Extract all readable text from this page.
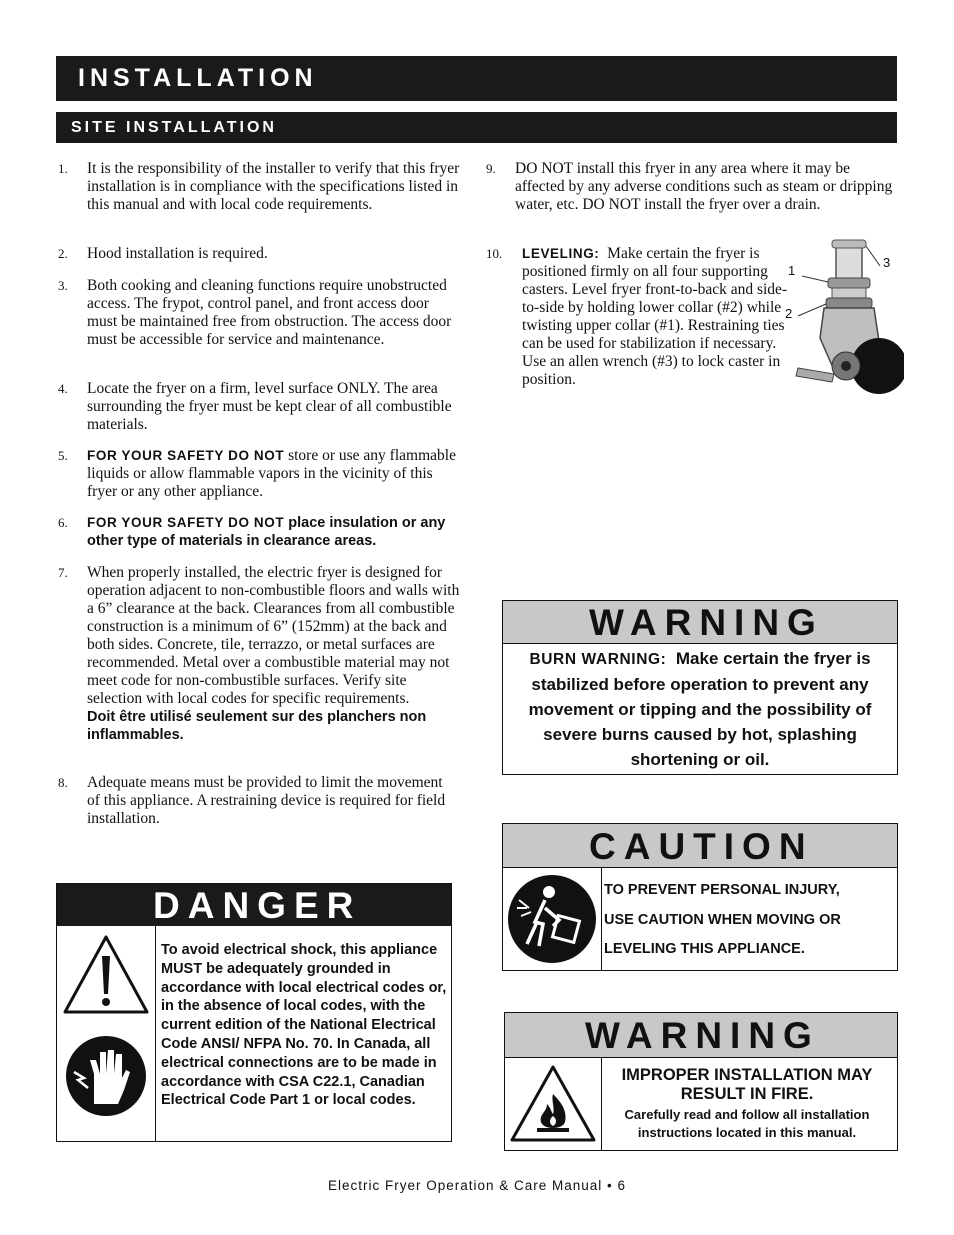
INSTALLATION
SITE INSTALLATION
1. It is the responsibility of the installer to verify that this fryer installation is in compliance with the specifications listed in this manual and with local code requirements.
2. Hood installation is required.
3. Both cooking and cleaning functions require unobstructed access. The frypot, control panel, and front access door must be maintained free from obstruction. The access door must be accessible for service and maintenance.
4. Locate the fryer on a firm, level surface ONLY. The area surrounding the fryer must be kept clear of all combustible materials.
5. FOR YOUR SAFETY DO NOT store or use any flammable liquids or allow flammable vapors in the vicinity of this fryer or any other appliance.
6. FOR YOUR SAFETY DO NOT place insulation or any other type of materials in clearance areas.
7. When properly installed, the electric fryer is designed for operation adjacent to non-combustible floors and walls with a 6” clearance at the back. Clearances from all combustible construction is a minimum of 6” (152mm) at the back and both sides. Concrete, tile, terrazzo, or metal surfaces are recommended. Metal over a combustible material may not meet code for non-combustible surfaces. Verify site selection with local codes for specific requirements.
Doit être utilisé seulement sur des planchers non inflammables.
8. Adequate means must be provided to limit the movement of this appliance. A restraining device is required for field installation.
9. DO NOT install this fryer in any area where it may be affected by any adverse conditions such as steam or dripping water, etc. DO NOT install the fryer over a drain.
10. LEVELING: Make certain the fryer is positioned firmly on all four supporting casters. Level fryer front-to-back and side-to-side by holding lower collar (#2) while twisting upper collar (#1). Restraining ties can be used for stabilization if necessary. Use an allen wrench (#3) to lock caster in position.
1
2
3
WARNING
BURN WARNING: Make certain the fryer is stabilized before operation to prevent any movement or tipping and the possibility of severe burns caused by hot, splashing shortening or oil.
CAUTION
TO PREVENT PERSONAL INJURY,
USE CAUTION WHEN MOVING OR
LEVELING THIS APPLIANCE.
DANGER
To avoid electrical shock, this appliance MUST be adequately grounded in accordance with local electrical codes or, in the absence of local codes, with the current edition of the National Electrical Code ANSI/ NFPA No. 70. In Canada, all electrical connections are to be made in accordance with CSA C22.1, Canadian Electrical Code Part 1 or local codes.
WARNING
IMPROPER INSTALLATION MAY RESULT IN FIRE.
Carefully read and follow all installation instructions located in this manual.
Electric Fryer Operation & Care Manual • 6
